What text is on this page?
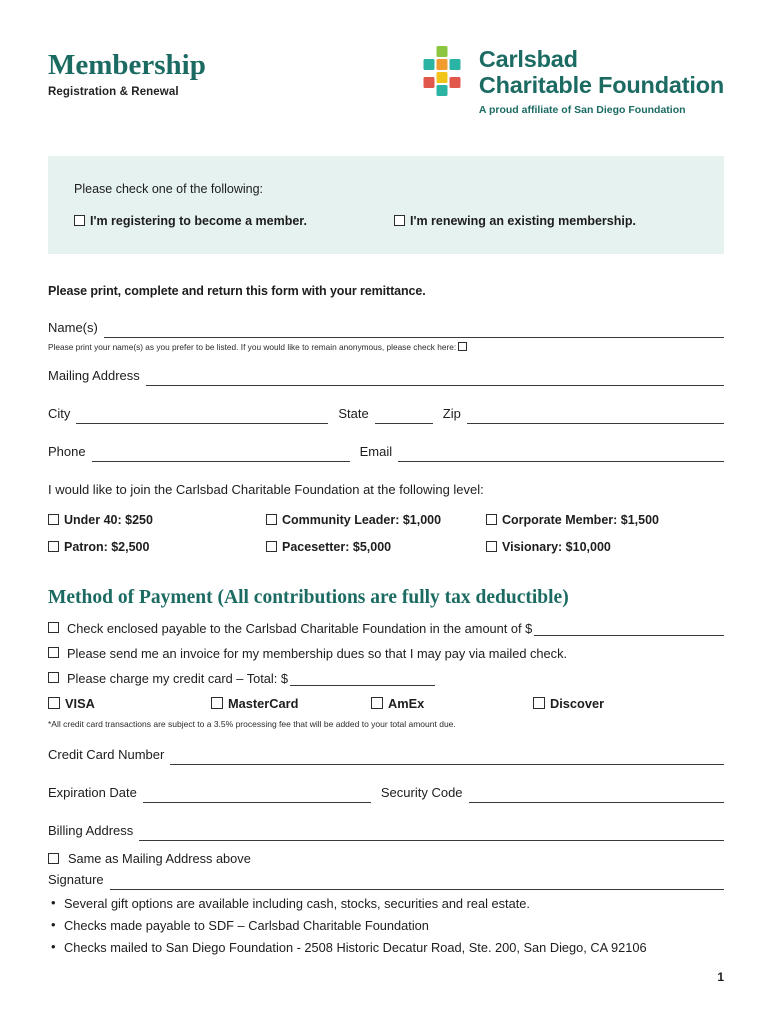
Membership
Registration & Renewal
Carlsbad
Charitable Foundation
A proud affiliate of San Diego Foundation
Please check one of the following:
I'm registering to become a member.	I'm renewing an existing membership.
Please print, complete and return this form with your remittance.
Name(s)
Please print your name(s) as you prefer to be listed. If you would like to remain anonymous, please check here:
Mailing Address
City	State	Zip
Phone	Email
I would like to join the Carlsbad Charitable Foundation at the following level:
Under 40: $250	Community Leader: $1,000	Corporate Member: $1,500
Patron: $2,500	Pacesetter: $5,000	Visionary: $10,000
Method of Payment (All contributions are fully tax deductible)
Check enclosed payable to the Carlsbad Charitable Foundation in the amount of $
Please send me an invoice for my membership dues so that I may pay via mailed check.
Please charge my credit card – Total: $
VISA	MasterCard	AmEx	Discover
*All credit card transactions are subject to a 3.5% processing fee that will be added to your total amount due.
Credit Card Number
Expiration Date	Security Code
Billing Address
Same as Mailing Address above
Signature
• Several gift options are available including cash, stocks, securities and real estate.
• Checks made payable to SDF – Carlsbad Charitable Foundation
• Checks mailed to San Diego Foundation - 2508 Historic Decatur Road, Ste. 200, San Diego, CA 92106
1
